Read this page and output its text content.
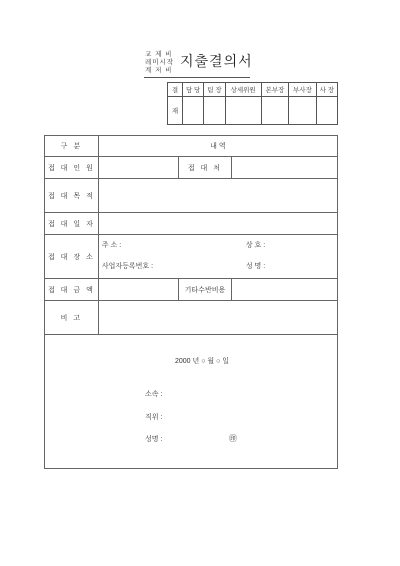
교 제 비
레미시작
계 저 비
지출결의서
결	담 당	팀 장	상세위원	본부장	부사장	사 장
재						
구 분	내 역		
접 대 인 원		접 대 처	
접 대 목 적			
접 대 일 자			
접 대 장 소	주 소 : 상 호 :
사업자등록번호 : 성 명 :		

접 대 금 액		기타수반비용	
비 고			

2000 년 ○ 월 ○ 일
소속 :
직위 :
성명 : ㊞			
